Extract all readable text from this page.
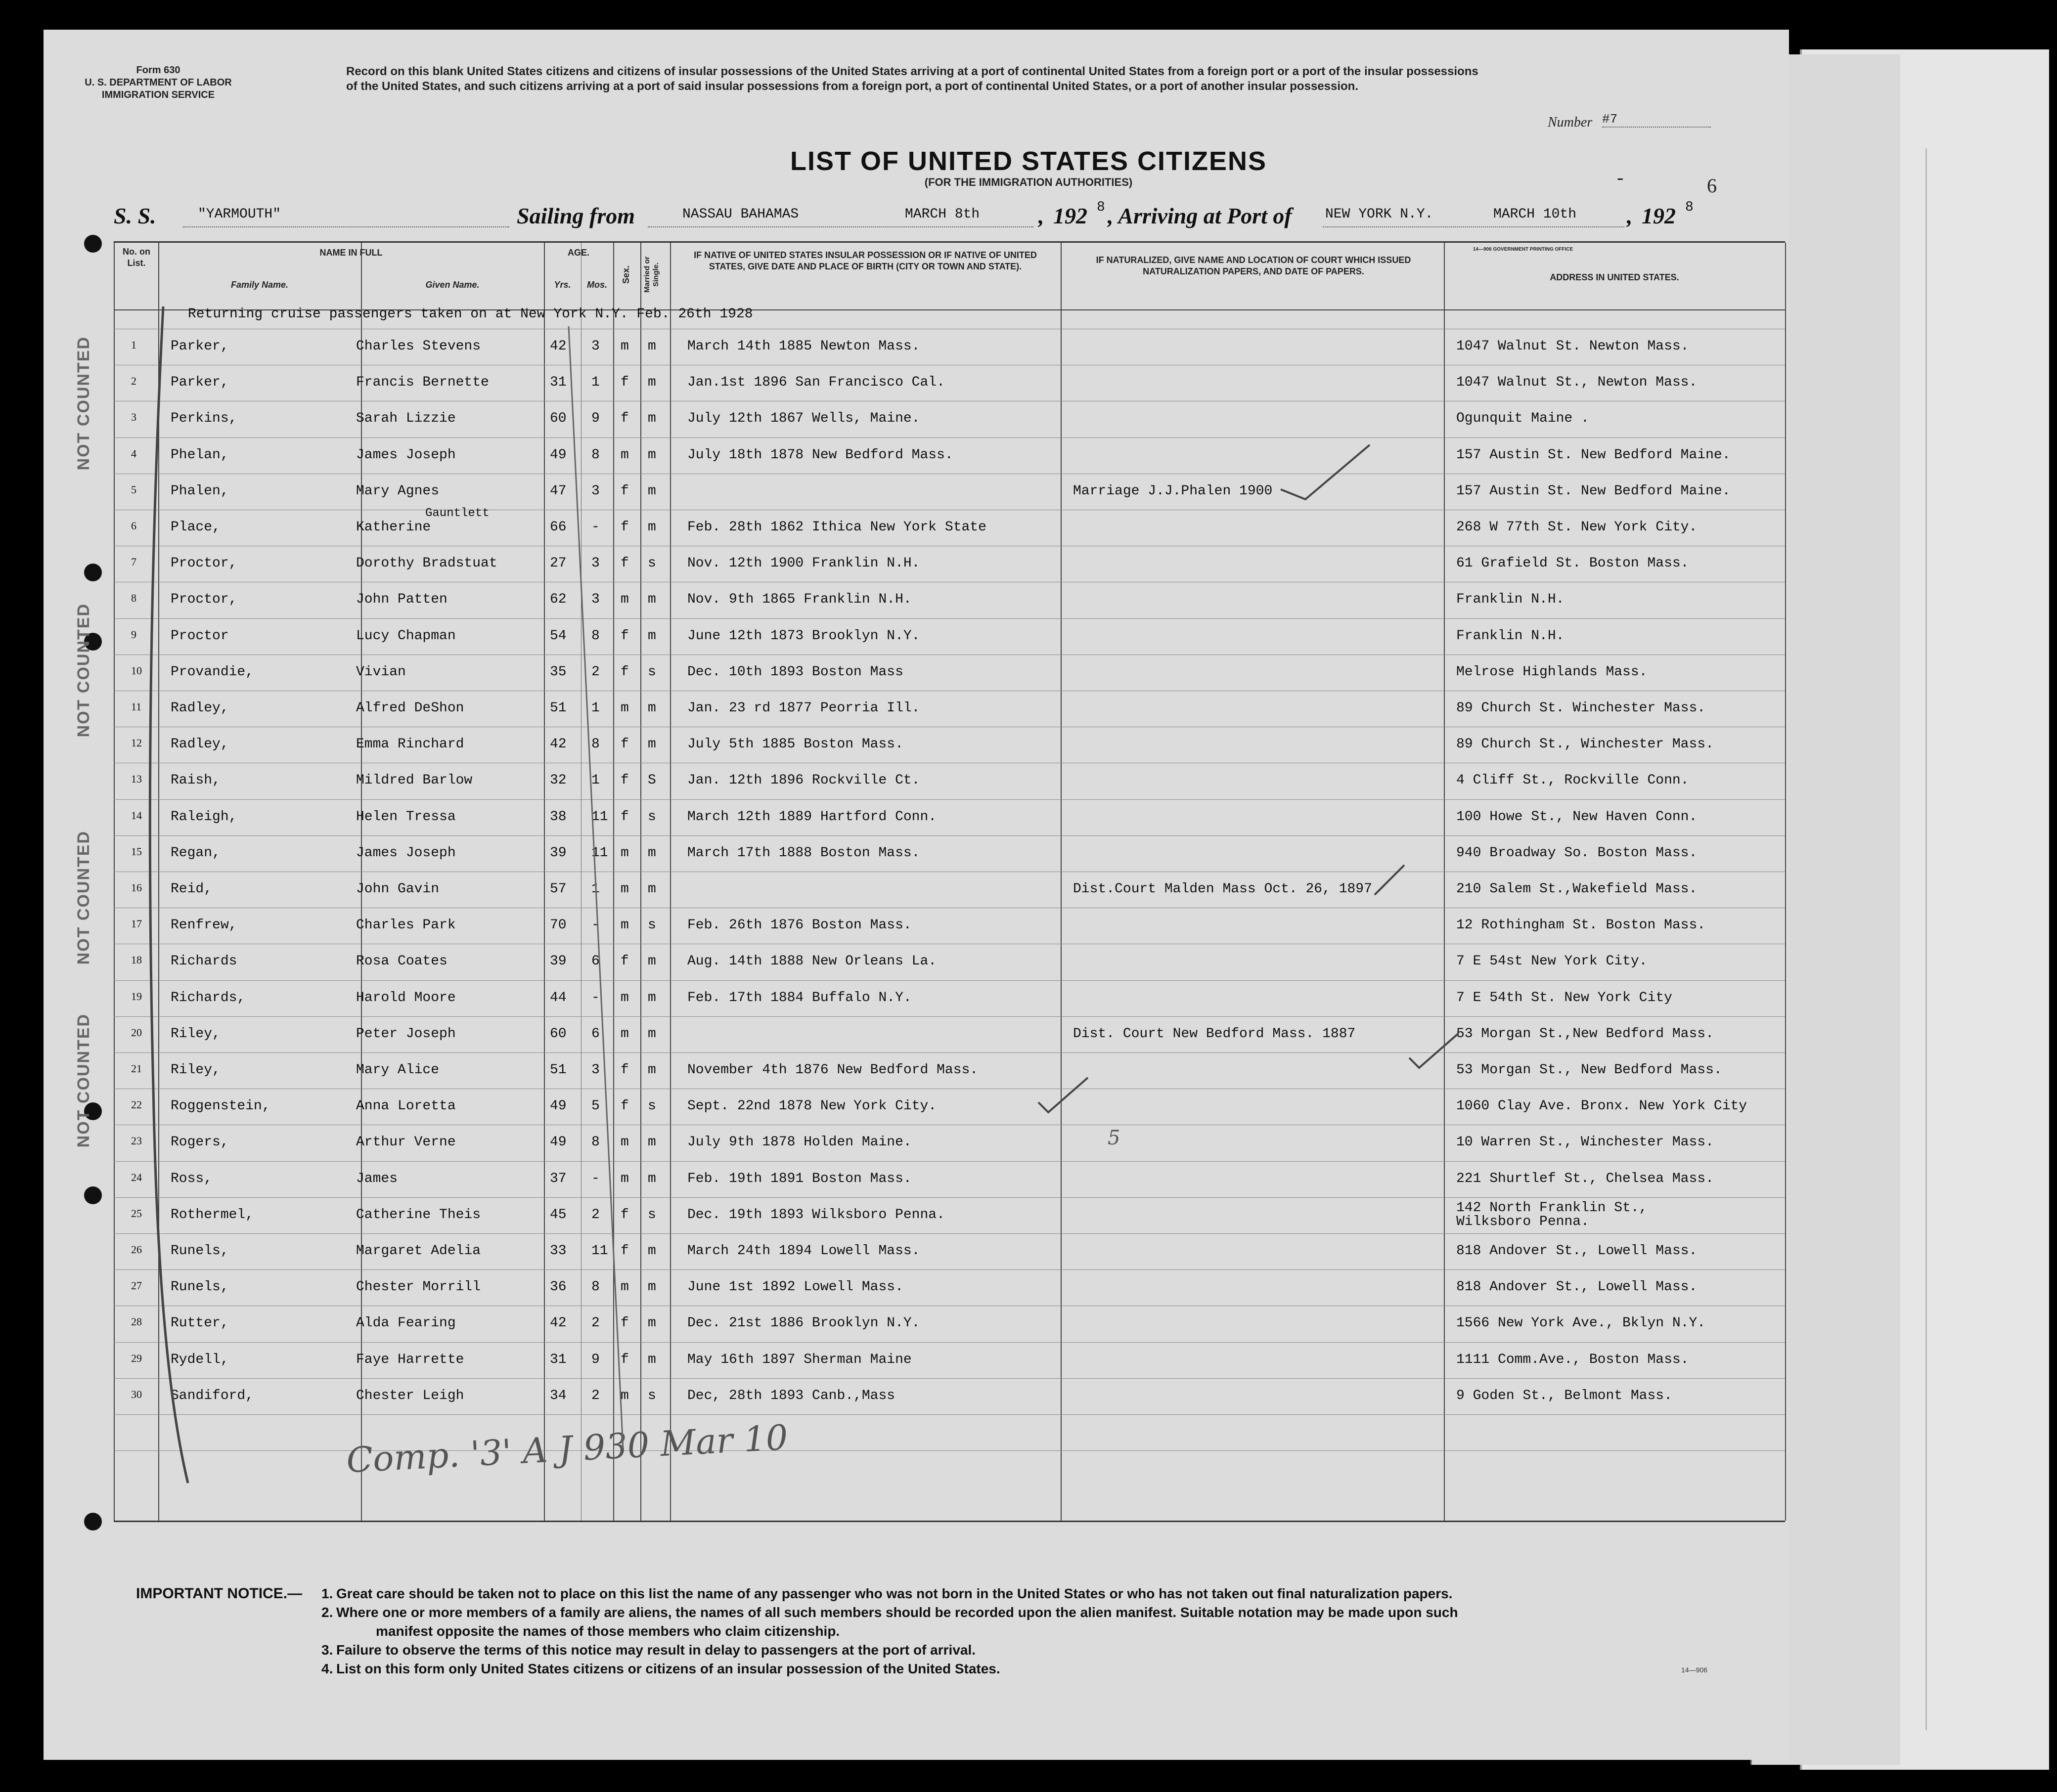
Form 630
U. S. DEPARTMENT OF LABOR
IMMIGRATION SERVICE
Record on this blank United States citizens and citizens of insular possessions of the United States arriving at a port of continental United States from a foreign port or a port of the insular possessions of the United States, and such citizens arriving at a port of said insular possessions from a foreign port, a port of continental United States, or a port of another insular possession.
Number #7
LIST OF UNITED STATES CITIZENS
(FOR THE IMMIGRATION AUTHORITIES)	-	6
S. S.	"YARMOUTH"	Sailing from	NASSAU BAHAMAS	MARCH 8th	, 192 8 , Arriving at Port of NEW YORK N.Y.	MARCH 10th , 192 8
No. on List.
NAME IN FULL
Family Name.	Given Name.
AGE.
Yrs.	Mos.
Sex. Married or Single.
IF NATIVE OF UNITED STATES INSULAR POSSESSION OR IF NATIVE OF UNITED STATES, GIVE DATE AND PLACE OF BIRTH (CITY OR TOWN AND STATE).
IF NATURALIZED, GIVE NAME AND LOCATION OF COURT WHICH ISSUED NATURALIZATION PAPERS, AND DATE OF PAPERS.
14—906 GOVERNMENT PRINTING OFFICE
ADDRESS IN UNITED STATES.
Returning cruise passengers taken on at New York N.Y. Feb. 26th 1928
1 Parker,	Charles Stevens	42 3 m m March 14th 1885 Newton Mass.	1047 Walnut St. Newton Mass.
2 Parker,	Francis Bernette	31 1 f m Jan.1st 1896 San Francisco Cal.	1047 Walnut St., Newton Mass.
3 Perkins,	Sarah Lizzie	60 9 f m July 12th 1867 Wells, Maine.	Ogunquit Maine .
4 Phelan,	James Joseph	49 8 m m July 18th 1878 New Bedford Mass.	157 Austin St. New Bedford Maine.
5 Phalen,	Mary Agnes	47 3 f m	Marriage J.J.Phalen 1900	157 Austin St. New Bedford Maine.
6 Place,	Katherine	66 - f m Feb. 28th 1862 Ithica New York State	268 W 77th St. New York City.
Gauntlett
7 Proctor,	Dorothy Bradstuat	27 3 f s Nov. 12th 1900 Franklin N.H.	61 Grafield St. Boston Mass.
8 Proctor,	John Patten	62 3 m m Nov. 9th 1865 Franklin N.H.	Franklin N.H.
9 Proctor	Lucy Chapman	54 8 f m June 12th 1873 Brooklyn N.Y.	Franklin N.H.
10 Provandie,	Vivian	35 2 f s Dec. 10th 1893 Boston Mass	Melrose Highlands Mass.
11 Radley,	Alfred DeShon	51 1 m m Jan. 23 rd 1877 Peorria Ill.	89 Church St. Winchester Mass.
12 Radley,	Emma Rinchard	42 8 f m July 5th 1885 Boston Mass.	89 Church St., Winchester Mass.
13 Raish,	Mildred Barlow	32 1 f S Jan. 12th 1896 Rockville Ct.	4 Cliff St., Rockville Conn.
14 Raleigh,	Helen Tressa	38 11 f s March 12th 1889 Hartford Conn.	100 Howe St., New Haven Conn.
15 Regan,	James Joseph	39 11 m m March 17th 1888 Boston Mass.	940 Broadway So. Boston Mass.
16 Reid,	John Gavin	57 1 m m	Dist.Court Malden Mass Oct. 26, 1897	210 Salem St.,Wakefield Mass.
17 Renfrew,	Charles Park	70 - m s Feb. 26th 1876 Boston Mass.	12 Rothingham St. Boston Mass.
18 Richards	Rosa Coates	39 6 f m Aug. 14th 1888 New Orleans La.	7 E 54st New York City.
19 Richards,	Harold Moore	44 - m m Feb. 17th 1884 Buffalo N.Y.	7 E 54th St. New York City
20 Riley,	Peter Joseph	60 6 m m	Dist. Court New Bedford Mass. 1887	53 Morgan St.,New Bedford Mass.
21 Riley,	Mary Alice	51 3 f m November 4th 1876 New Bedford Mass.	53 Morgan St., New Bedford Mass.
22 Roggenstein,	Anna Loretta	49 5 f s Sept. 22nd 1878 New York City.	1060 Clay Ave. Bronx. New York City
23 Rogers,	Arthur Verne	49 8 m m July 9th 1878 Holden Maine.	5	10 Warren St., Winchester Mass.
24 Ross,	James	37 - m m Feb. 19th 1891 Boston Mass.	221 Shurtlef St., Chelsea Mass.
25 Rothermel,	Catherine Theis	45 2 f s Dec. 19th 1893 Wilksboro Penna.	142 North Franklin St.,
Wilksboro Penna.
26 Runels,	Margaret Adelia	33 11 f m March 24th 1894 Lowell Mass.	818 Andover St., Lowell Mass.
27 Runels,	Chester Morrill	36 8 m m June 1st 1892 Lowell Mass.	818 Andover St., Lowell Mass.
28 Rutter,	Alda Fearing	42 2 f m Dec. 21st 1886 Brooklyn N.Y.	1566 New York Ave., Bklyn N.Y.
29 Rydell,	Faye Harrette	31 9 f m May 16th 1897 Sherman Maine	1111 Comm.Ave., Boston Mass.
30 Sandiford,	Chester Leigh	34 2 m s Dec, 28th 1893 Canb.,Mass	9 Goden St., Belmont Mass.
NOT COUNTED
NOT COUNTED
NOT COUNTED
NOT COUNTED
Comp. '3' A J 930 Mar 10
IMPORTANT NOTICE.— 1. Great care should be taken not to place on this list the name of any passenger who was not born in the United States or who has not taken out final naturalization papers.
2. Where one or more members of a family are aliens, the names of all such members should be recorded upon the alien manifest. Suitable notation may be made upon such
manifest opposite the names of those members who claim citizenship.
3. Failure to observe the terms of this notice may result in delay to passengers at the port of arrival.
4. List on this form only United States citizens or citizens of an insular possession of the United States.	14—906
